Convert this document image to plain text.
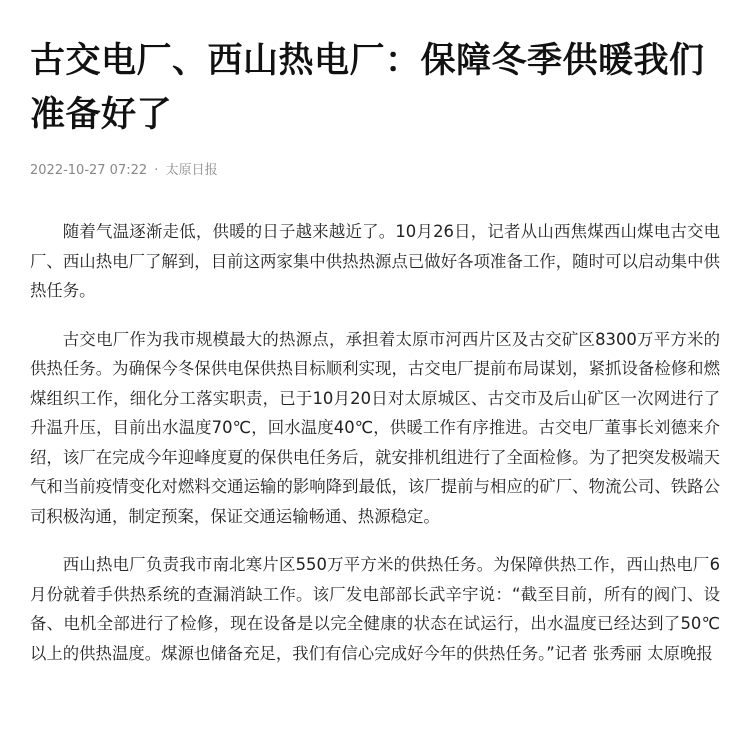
古交电厂、西山热电厂：保障冬季供暖我们准备好了
2022-10-27 07:22 · 太原日报

随着气温逐渐走低，供暖的日子越来越近了。10月26日，记者从山西焦煤西山煤电古交电厂、西山热电厂了解到，目前这两家集中供热热源点已做好各项准备工作，随时可以启动集中供热任务。

古交电厂作为我市规模最大的热源点，承担着太原市河西片区及古交矿区8300万平方米的供热任务。为确保今冬保供电保供热目标顺利实现，古交电厂提前布局谋划，紧抓设备检修和燃煤组织工作，细化分工落实职责，已于10月20日对太原城区、古交市及后山矿区一次网进行了升温升压，目前出水温度70℃，回水温度40℃，供暖工作有序推进。古交电厂董事长刘德来介绍，该厂在完成今年迎峰度夏的保供电任务后，就安排机组进行了全面检修。为了把突发极端天气和当前疫情变化对燃料交通运输的影响降到最低，该厂提前与相应的矿厂、物流公司、铁路公司积极沟通，制定预案，保证交通运输畅通、热源稳定。

西山热电厂负责我市南北寒片区550万平方米的供热任务。为保障供热工作，西山热电厂6月份就着手供热系统的查漏消缺工作。该厂发电部部长武辛宇说：“截至目前，所有的阀门、设备、电机全部进行了检修，现在设备是以完全健康的状态在试运行，出水温度已经达到了50℃以上的供热温度。煤源也储备充足，我们有信心完成好今年的供热任务。”记者 张秀丽 太原晚报
